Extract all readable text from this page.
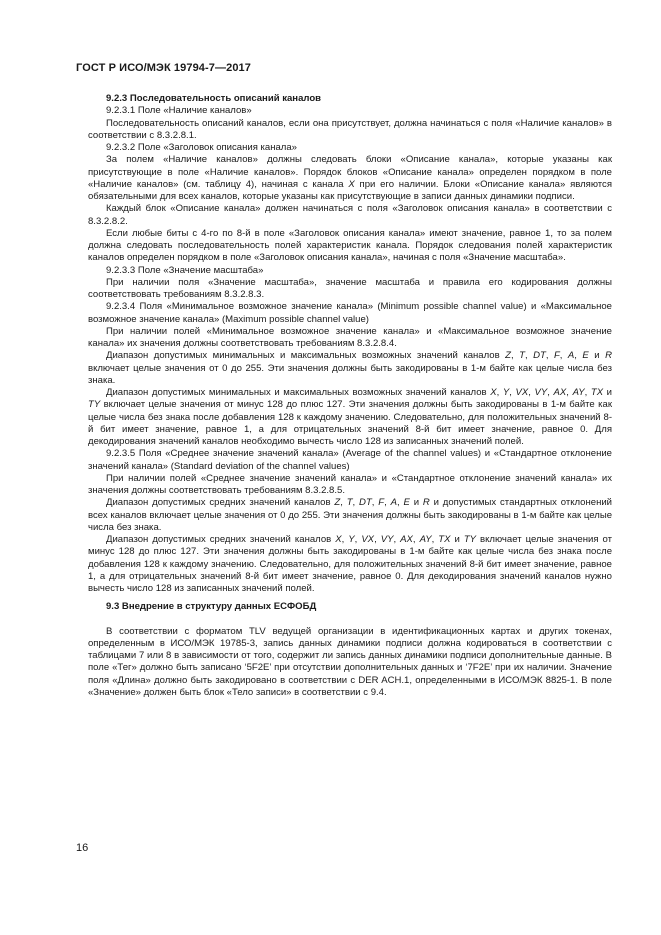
ГОСТ Р ИСО/МЭК 19794-7—2017

9.2.3 Последовательность описаний каналов

9.2.3.1 Поле «Наличие каналов»

Последовательность описаний каналов, если она присутствует, должна начинаться с поля «Наличие каналов» в соответствии с 8.3.2.8.1.

9.2.3.2 Поле «Заголовок описания канала»

За полем «Наличие каналов» должны следовать блоки «Описание канала», которые указаны как присутствующие в поле «Наличие каналов». Порядок блоков «Описание канала» определен порядком в поле «Наличие каналов» (см. таблицу 4), начиная с канала X при его наличии. Блоки «Описание канала» являются обязательными для всех каналов, которые указаны как присутствующие в записи данных динамики подписи.

Каждый блок «Описание канала» должен начинаться с поля «Заголовок описания канала» в соответствии с 8.3.2.8.2.

Если любые биты с 4-го по 8-й в поле «Заголовок описания канала» имеют значение, равное 1, то за полем должна следовать последовательность полей характеристик канала. Порядок следования полей характеристик каналов определен порядком в поле «Заголовок описания канала», начиная с поля «Значение масштаба».

9.2.3.3 Поле «Значение масштаба»

При наличии поля «Значение масштаба», значение масштаба и правила его кодирования должны соответствовать требованиям 8.3.2.8.3.

9.2.3.4 Поля «Минимальное возможное значение канала» (Minimum possible channel value) и «Максимальное возможное значение канала» (Maximum possible channel value)

При наличии полей «Минимальное возможное значение канала» и «Максимальное возможное значение канала» их значения должны соответствовать требованиям 8.3.2.8.4.

Диапазон допустимых минимальных и максимальных возможных значений каналов Z, T, DT, F, A, E и R включает целые значения от 0 до 255. Эти значения должны быть закодированы в 1-м байте как целые числа без знака.

Диапазон допустимых минимальных и максимальных возможных значений каналов X, Y, VX, VY, AX, AY, TX и TY включает целые значения от минус 128 до плюс 127. Эти значения должны быть закодированы в 1-м байте как целые числа без знака после добавления 128 к каждому значению. Следовательно, для положительных значений 8-й бит имеет значение, равное 1, а для отрицательных значений 8-й бит имеет значение, равное 0. Для декодирования значений каналов необходимо вычесть число 128 из записанных значений полей.

9.2.3.5 Поля «Среднее значение значений канала» (Average of the channel values) и «Стандартное отклонение значений канала» (Standard deviation of the channel values)

При наличии полей «Среднее значение значений канала» и «Стандартное отклонение значений канала» их значения должны соответствовать требованиям 8.3.2.8.5.

Диапазон допустимых средних значений каналов Z, T, DT, F, A, E и R и допустимых стандартных отклонений всех каналов включает целые значения от 0 до 255. Эти значения должны быть закодированы в 1-м байте как целые числа без знака.

Диапазон допустимых средних значений каналов X, Y, VX, VY, AX, AY, TX и TY включает целые значения от минус 128 до плюс 127. Эти значения должны быть закодированы в 1-м байте как целые числа без знака после добавления 128 к каждому значению. Следовательно, для положительных значений 8-й бит имеет значение, равное 1, а для отрицательных значений 8-й бит имеет значение, равное 0. Для декодирования значений каналов нужно вычесть число 128 из записанных значений полей.

9.3 Внедрение в структуру данных ЕСФОБД

В соответствии с форматом TLV ведущей организации в идентификационных картах и других токенах, определенным в ИСО/МЭК 19785-3, запись данных динамики подписи должна кодироваться в соответствии с таблицами 7 или 8 в зависимости от того, содержит ли запись данных динамики подписи дополнительные данные. В поле «Тег» должно быть записано ‘5F2E’ при отсутствии дополнительных данных и ‘7F2E’ при их наличии. Значение поля «Длина» должно быть закодировано в соответствии с DER ACH.1, определенными в ИСО/МЭК 8825-1. В поле «Значение» должен быть блок «Тело записи» в соответствии с 9.4.

16
